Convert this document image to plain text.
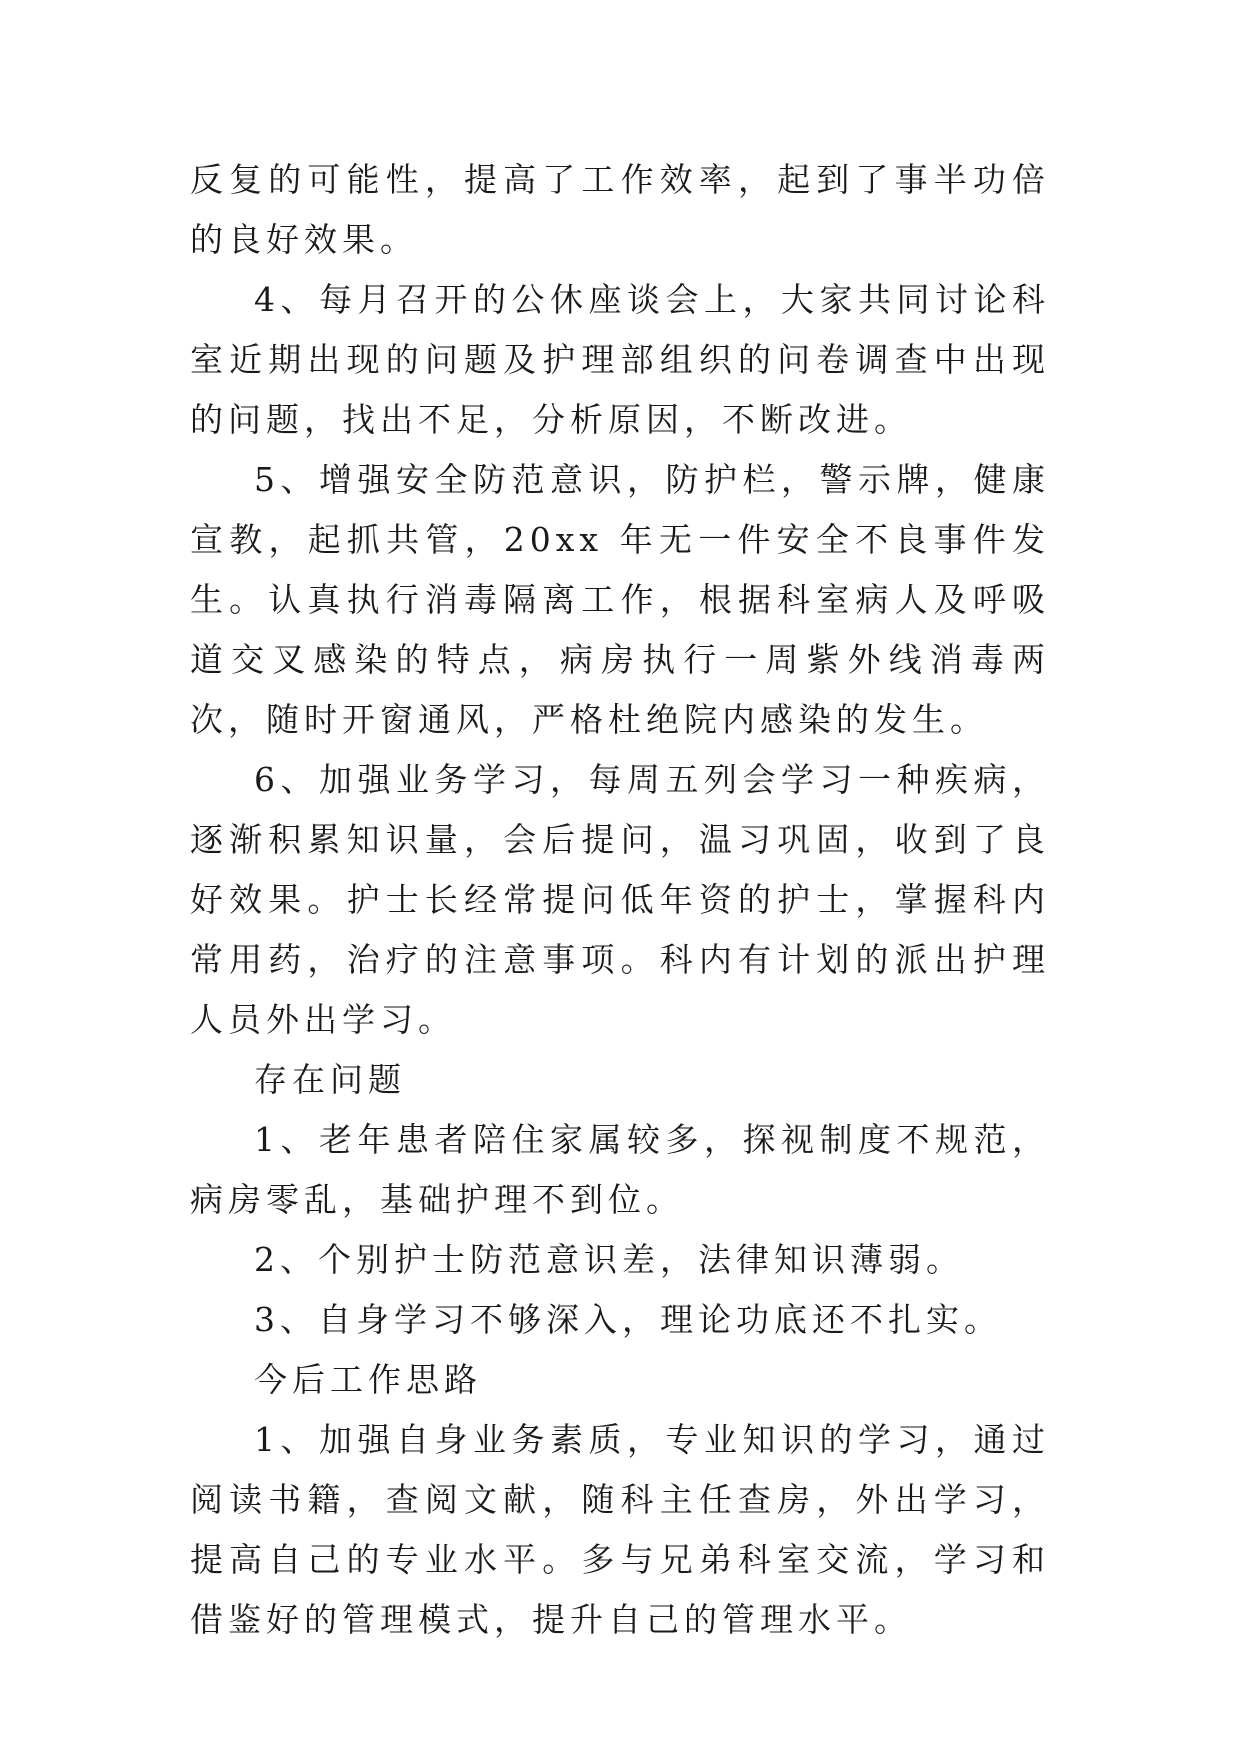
反复的可能性，提高了工作效率，起到了事半功倍的良好效果。

4、每月召开的公休座谈会上，大家共同讨论科室近期出现的问题及护理部组织的问卷调查中出现的问题，找出不足，分析原因，不断改进。

5、增强安全防范意识，防护栏，警示牌，健康宣教，起抓共管，20xx 年无一件安全不良事件发生。认真执行消毒隔离工作，根据科室病人及呼吸道交叉感染的特点，病房执行一周紫外线消毒两次，随时开窗通风，严格杜绝院内感染的发生。

6、加强业务学习，每周五列会学习一种疾病，逐渐积累知识量，会后提问，温习巩固，收到了良好效果。护士长经常提问低年资的护士，掌握科内常用药，治疗的注意事项。科内有计划的派出护理人员外出学习。

存在问题

1、老年患者陪住家属较多，探视制度不规范，病房零乱，基础护理不到位。

2、个别护士防范意识差，法律知识薄弱。

3、自身学习不够深入，理论功底还不扎实。

今后工作思路

1、加强自身业务素质，专业知识的学习，通过阅读书籍，查阅文献，随科主任查房，外出学习，提高自己的专业水平。多与兄弟科室交流，学习和借鉴好的管理模式，提升自己的管理水平。
